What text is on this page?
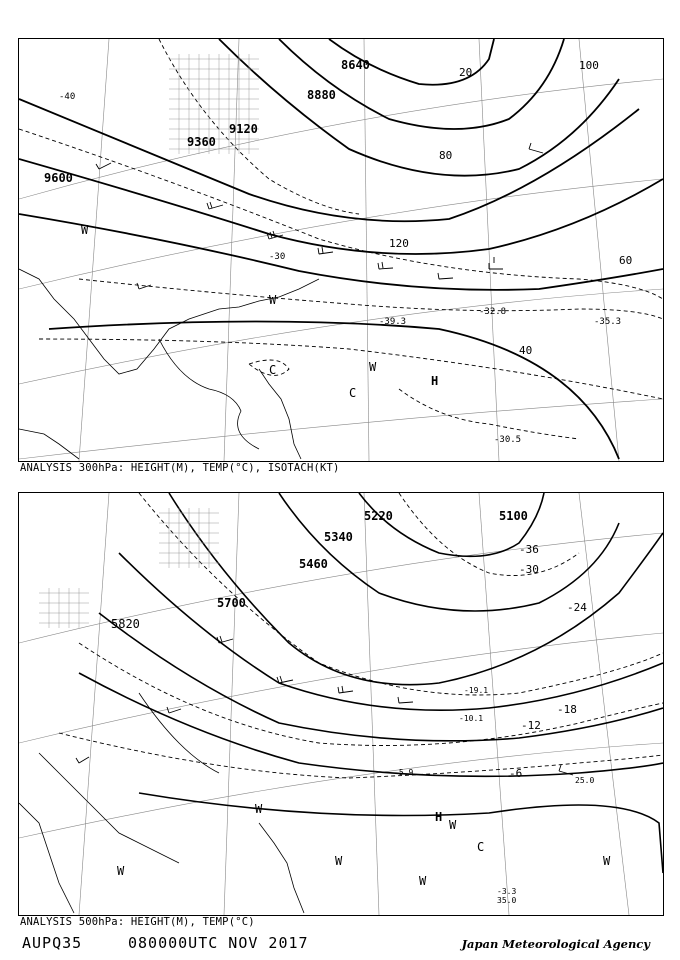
8640
8880
9120
9360
9600
20
40
60
80
100
120
-40
-30
-30.5
-35.3
-32.8
-39.3
H
C
C	W
W
W
ANALYSIS 300hPa: HEIGHT(M), TEMP(°C), ISOTACH(KT)
5100
5220
5340
5460
5700
5820
-12
-18
-24
-30
-36
-6
H
C
W
W
W
W
W
W
-3.3
35.0
-5.9
25.0
-10.1
-19.1
ANALYSIS 500hPa: HEIGHT(M), TEMP(°C)
AUPQ35	080000UTC NOV 2017	Japan Meteorological Agency
